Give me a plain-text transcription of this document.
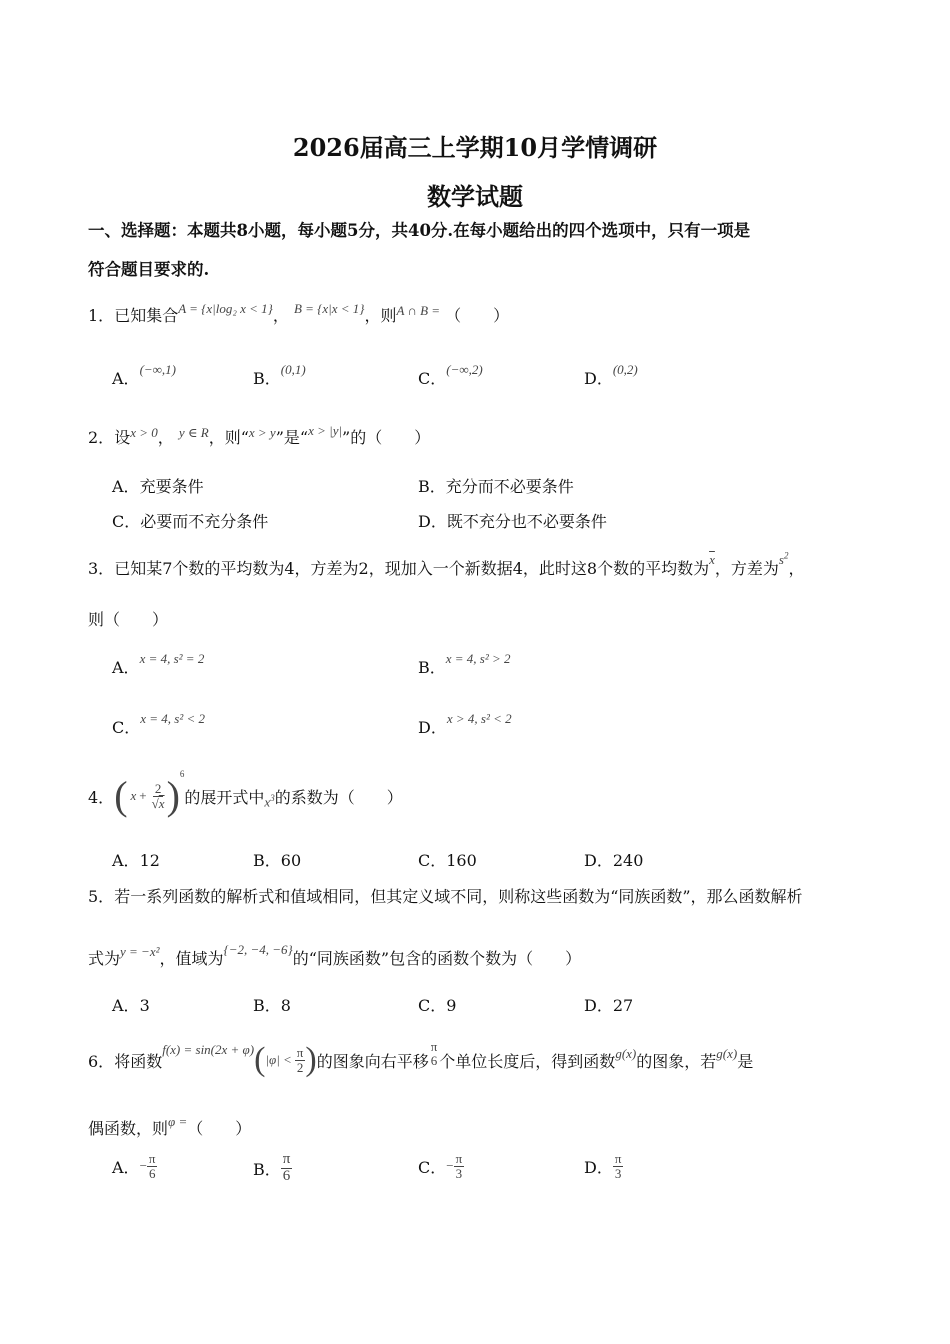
2026届高三上学期10月学情调研
数学试题
一、选择题：本题共8小题，每小题5分，共40分.在每小题给出的四个选项中，只有一项是
符合题目要求的.
1．已知集合$^{A = \{x|log_2 x < 1\}}$， $^{B = \{x|x < 1\}}$，则$^{A \cap B =}$ （　　）
A．$^{(-\infty,1)}$	B．$^{(0,1)}$	C．$^{(-\infty,2)}$	D．$^{(0,2)}$
2．设$^{x > 0}$， $^{y \in R}$，则“$^{x > y}$”是“$^{x > |y|}$”的（　　）
A．充要条件	B．充分而不必要条件
C．必要而不充分条件	D．既不充分也不必要条件
3．已知某7个数的平均数为4，方差为2，现加入一个新数据4，此时这8个数的平均数为$^{\overline{x}}$，方差为$^{s^2}$，
则（　　）
A．$^{x = 4, s^2 = 2}$	B．$^{x = 4, s^2 > 2}$
C．$^{x = 4, s^2 < 2}$	D．$^{x > 4, s^2 < 2}$
4． ( $x + \frac{2}{√x}$ ) 6
的展开式中 $x^3$ 的系数为（　　）
A．12	B．60	C．160	D．240
5．若一系列函数的解析式和值域相同，但其定义域不同，则称这些函数为“同族函数”，那么函数解析
式为$^{y = -x^2}$，值域为$^{\{-2, -4, -6\}}$的“同族函数”包含的函数个数为（　　）
A．3	B．8	C．9	D．27
6． 将函数
f(x) = sin(2x + φ) ( $|\varphi| < \frac{\pi}{2}$ ) 的图象向右平移
π
6 个单位长度后，得到函数 g(x) 的图象，若 g(x) 是
偶函数，则$^{\varphi =}$（　　）
A． − $\frac{\pi}{6}$	B． $\frac{\pi}{6}$	C． − $\frac{\pi}{3}$	D． $\frac{\pi}{3}$
